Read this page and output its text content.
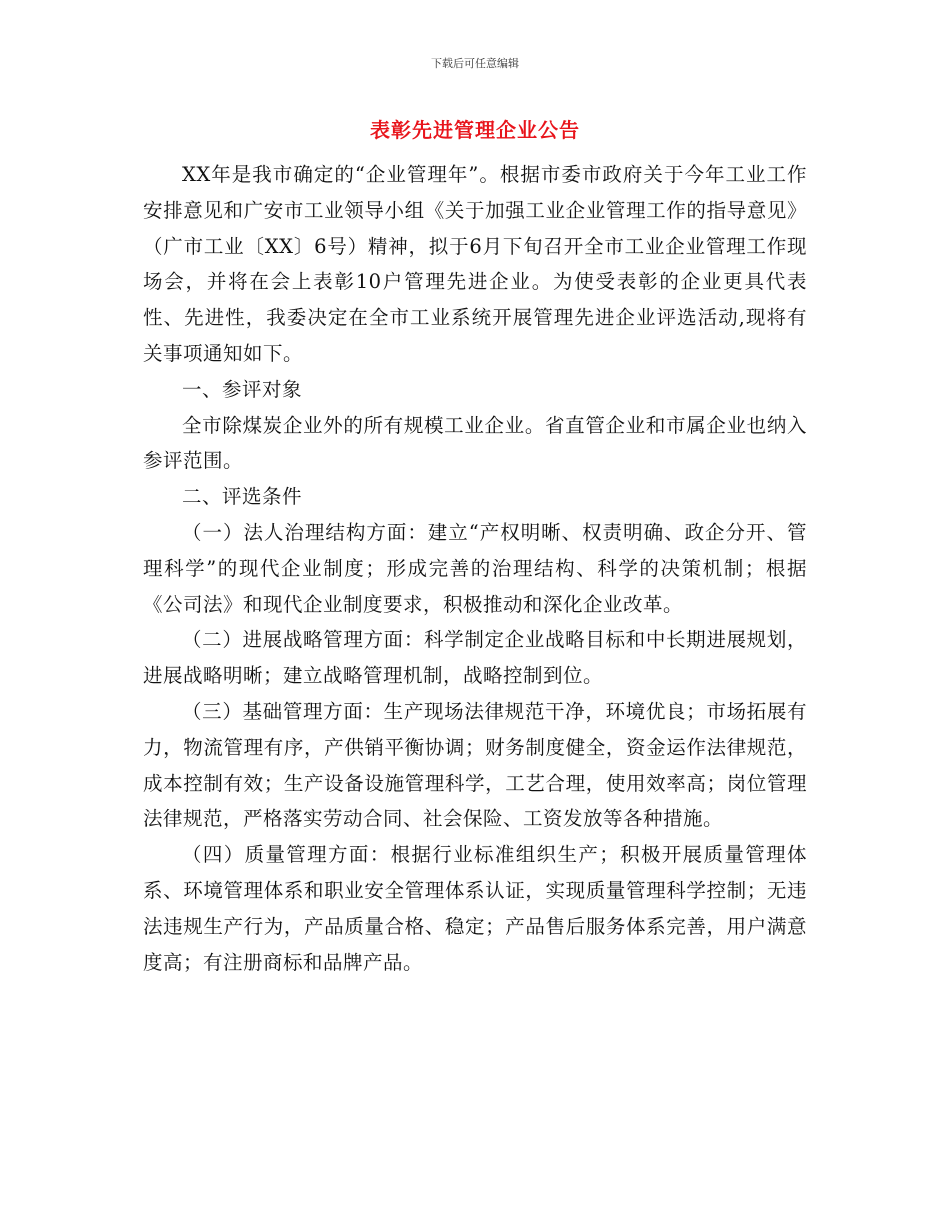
下载后可任意编辑
表彰先进管理企业公告

XX年是我市确定的“企业管理年”。根据市委市政府关于今年工业工作安排意见和广安市工业领导小组《关于加强工业企业管理工作的指导意见》（广市工业〔XX〕6号）精神，拟于6月下旬召开全市工业企业管理工作现场会，并将在会上表彰10户管理先进企业。为使受表彰的企业更具代表性、先进性，我委决定在全市工业系统开展管理先进企业评选活动,现将有关事项通知如下。

一、参评对象

全市除煤炭企业外的所有规模工业企业。省直管企业和市属企业也纳入参评范围。

二、评选条件

（一）法人治理结构方面：建立“产权明晰、权责明确、政企分开、管理科学”的现代企业制度；形成完善的治理结构、科学的决策机制；根据《公司法》和现代企业制度要求，积极推动和深化企业改革。

（二）进展战略管理方面：科学制定企业战略目标和中长期进展规划，进展战略明晰；建立战略管理机制，战略控制到位。

（三）基础管理方面：生产现场法律规范干净，环境优良；市场拓展有力，物流管理有序，产供销平衡协调；财务制度健全，资金运作法律规范，成本控制有效；生产设备设施管理科学，工艺合理，使用效率高；岗位管理法律规范，严格落实劳动合同、社会保险、工资发放等各种措施。

（四）质量管理方面：根据行业标准组织生产；积极开展质量管理体系、环境管理体系和职业安全管理体系认证，实现质量管理科学控制；无违法违规生产行为，产品质量合格、稳定；产品售后服务体系完善，用户满意度高；有注册商标和品牌产品。
